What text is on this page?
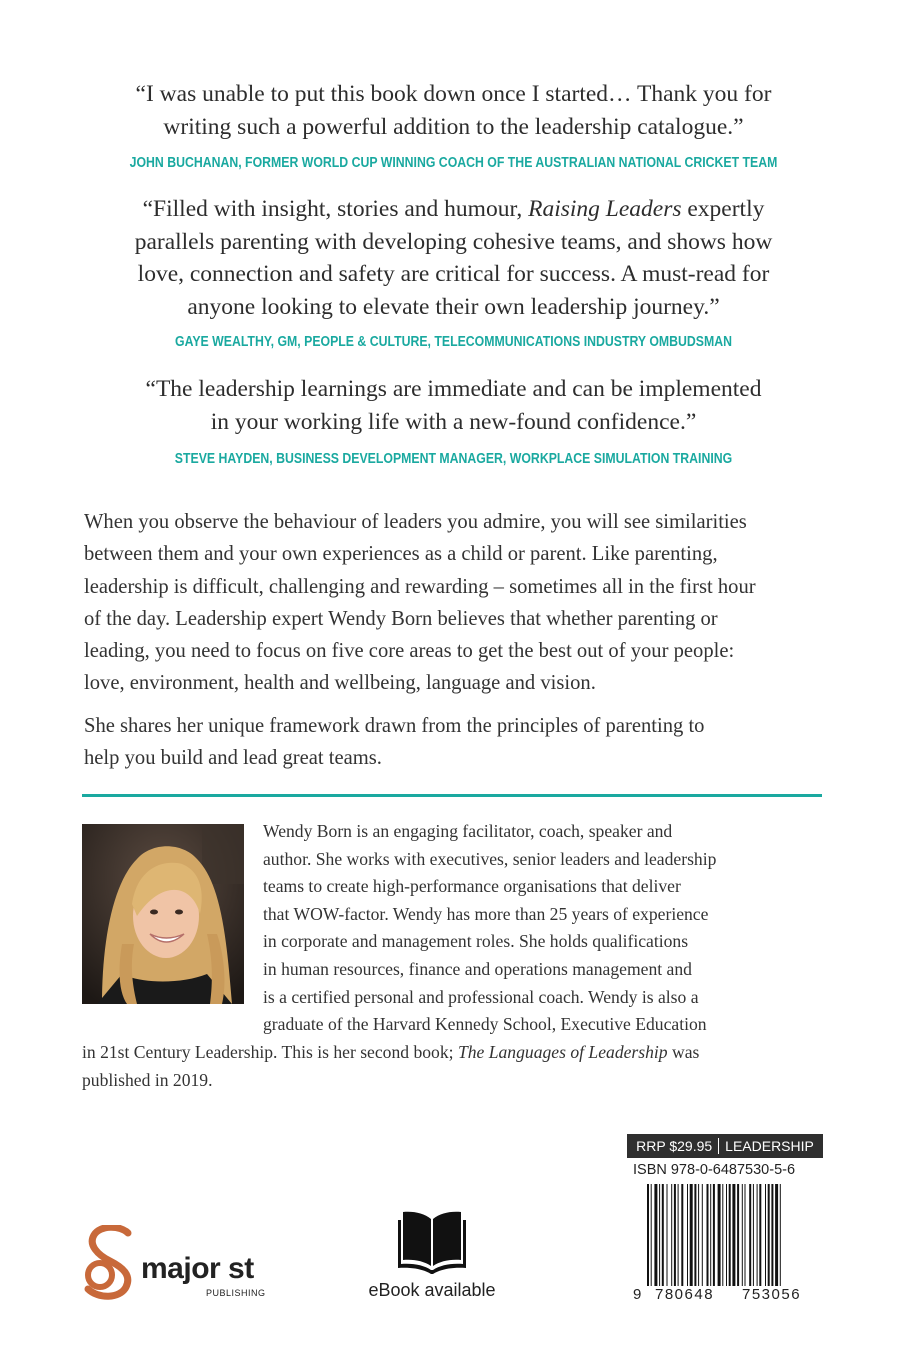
“I was unable to put this book down once I started… Thank you for
writing such a powerful addition to the leadership catalogue.”
JOHN BUCHANAN, FORMER WORLD CUP WINNING COACH OF THE AUSTRALIAN NATIONAL CRICKET TEAM
“Filled with insight, stories and humour, Raising Leaders expertly
parallels parenting with developing cohesive teams, and shows how
love, connection and safety are critical for success. A must-read for
anyone looking to elevate their own leadership journey.”
GAYE WEALTHY, GM, PEOPLE & CULTURE, TELECOMMUNICATIONS INDUSTRY OMBUDSMAN
“The leadership learnings are immediate and can be implemented
in your working life with a new-found confidence.”
STEVE HAYDEN, BUSINESS DEVELOPMENT MANAGER, WORKPLACE SIMULATION TRAINING
When you observe the behaviour of leaders you admire, you will see similarities
between them and your own experiences as a child or parent. Like parenting,
leadership is difficult, challenging and rewarding – sometimes all in the first hour
of the day. Leadership expert Wendy Born believes that whether parenting or
leading, you need to focus on five core areas to get the best out of your people:
love, environment, health and wellbeing, language and vision.
She shares her unique framework drawn from the principles of parenting to
help you build and lead great teams.
Wendy Born is an engaging facilitator, coach, speaker and
author. She works with executives, senior leaders and leadership
teams to create high-performance organisations that deliver
that WOW-factor. Wendy has more than 25 years of experience
in corporate and management roles. She holds qualifications
in human resources, finance and operations management and
is a certified personal and professional coach. Wendy is also a
graduate of the Harvard Kennedy School, Executive Education
in 21st Century Leadership. This is her second book; The Languages of Leadership was
published in 2019.
RRP $29.95 LEADERSHIP
ISBN 978-0-6487530-5-6
9 780648 753056
eBook available
major st
PUBLISHING
